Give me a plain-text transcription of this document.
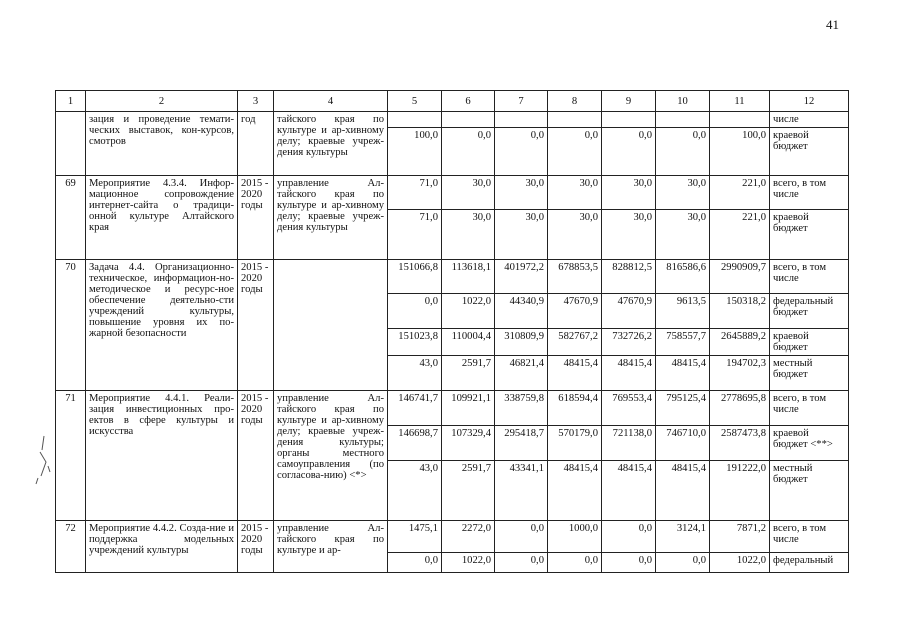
41
1	2	3	4	5	6	7	8	9	10	11	12
	зация и проведение темати-ческих выставок, кон-курсов, смотров	год	тайского края по культуре и ар-хивному делу; краевые учреж-дения культуры								числе
				100,0	0,0	0,0	0,0	0,0	0,0	100,0	краевой бюджет
69	Мероприятие 4.3.4. Инфор-мационное сопровождение интернет-сайта о традици-онной культуре Алтайского края	2015 - 2020 годы	управление Ал-тайского края по культуре и ар-хивному делу; краевые учреж-дения культуры	71,0	30,0	30,0	30,0	30,0	30,0	221,0	всего, в том числе
				71,0	30,0	30,0	30,0	30,0	30,0	221,0	краевой бюджет
70	Задача 4.4. Организационно-техническое, информацион-но-методическое и ресурс-ное обеспечение деятельно-сти учреждений культуры, повышение уровня их по-жарной безопасности	2015 - 2020 годы		151066,8	113618,1	401972,2	678853,5	828812,5	816586,6	2990909,7	всего, в том числе
				0,0	1022,0	44340,9	47670,9	47670,9	9613,5	150318,2	федеральный бюджет
				151023,8	110004,4	310809,9	582767,2	732726,2	758557,7	2645889,2	краевой бюджет
				43,0	2591,7	46821,4	48415,4	48415,4	48415,4	194702,3	местный бюджет
71	Мероприятие 4.4.1. Реали-зация инвестиционных про-ектов в сфере культуры и искусства	2015 - 2020 годы	управление Ал-тайского края по культуре и ар-хивному делу; краевые учреж-дения культуры; органы местного самоуправления (по согласова-нию) <*>	146741,7	109921,1	338759,8	618594,4	769553,4	795125,4	2778695,8	всего, в том числе
				146698,7	107329,4	295418,7	570179,0	721138,0	746710,0	2587473,8	краевой бюджет <**>
				43,0	2591,7	43341,1	48415,4	48415,4	48415,4	191222,0	местный бюджет
72	Мероприятие 4.4.2. Созда-ние и поддержка модельных учреждений культуры	2015 - 2020 годы	управление Ал-тайского края по культуре и ар-	1475,1	2272,0	0,0	1000,0	0,0	3124,1	7871,2	всего, в том числе
				0,0	1022,0	0,0	0,0	0,0	0,0	1022,0	федеральный
